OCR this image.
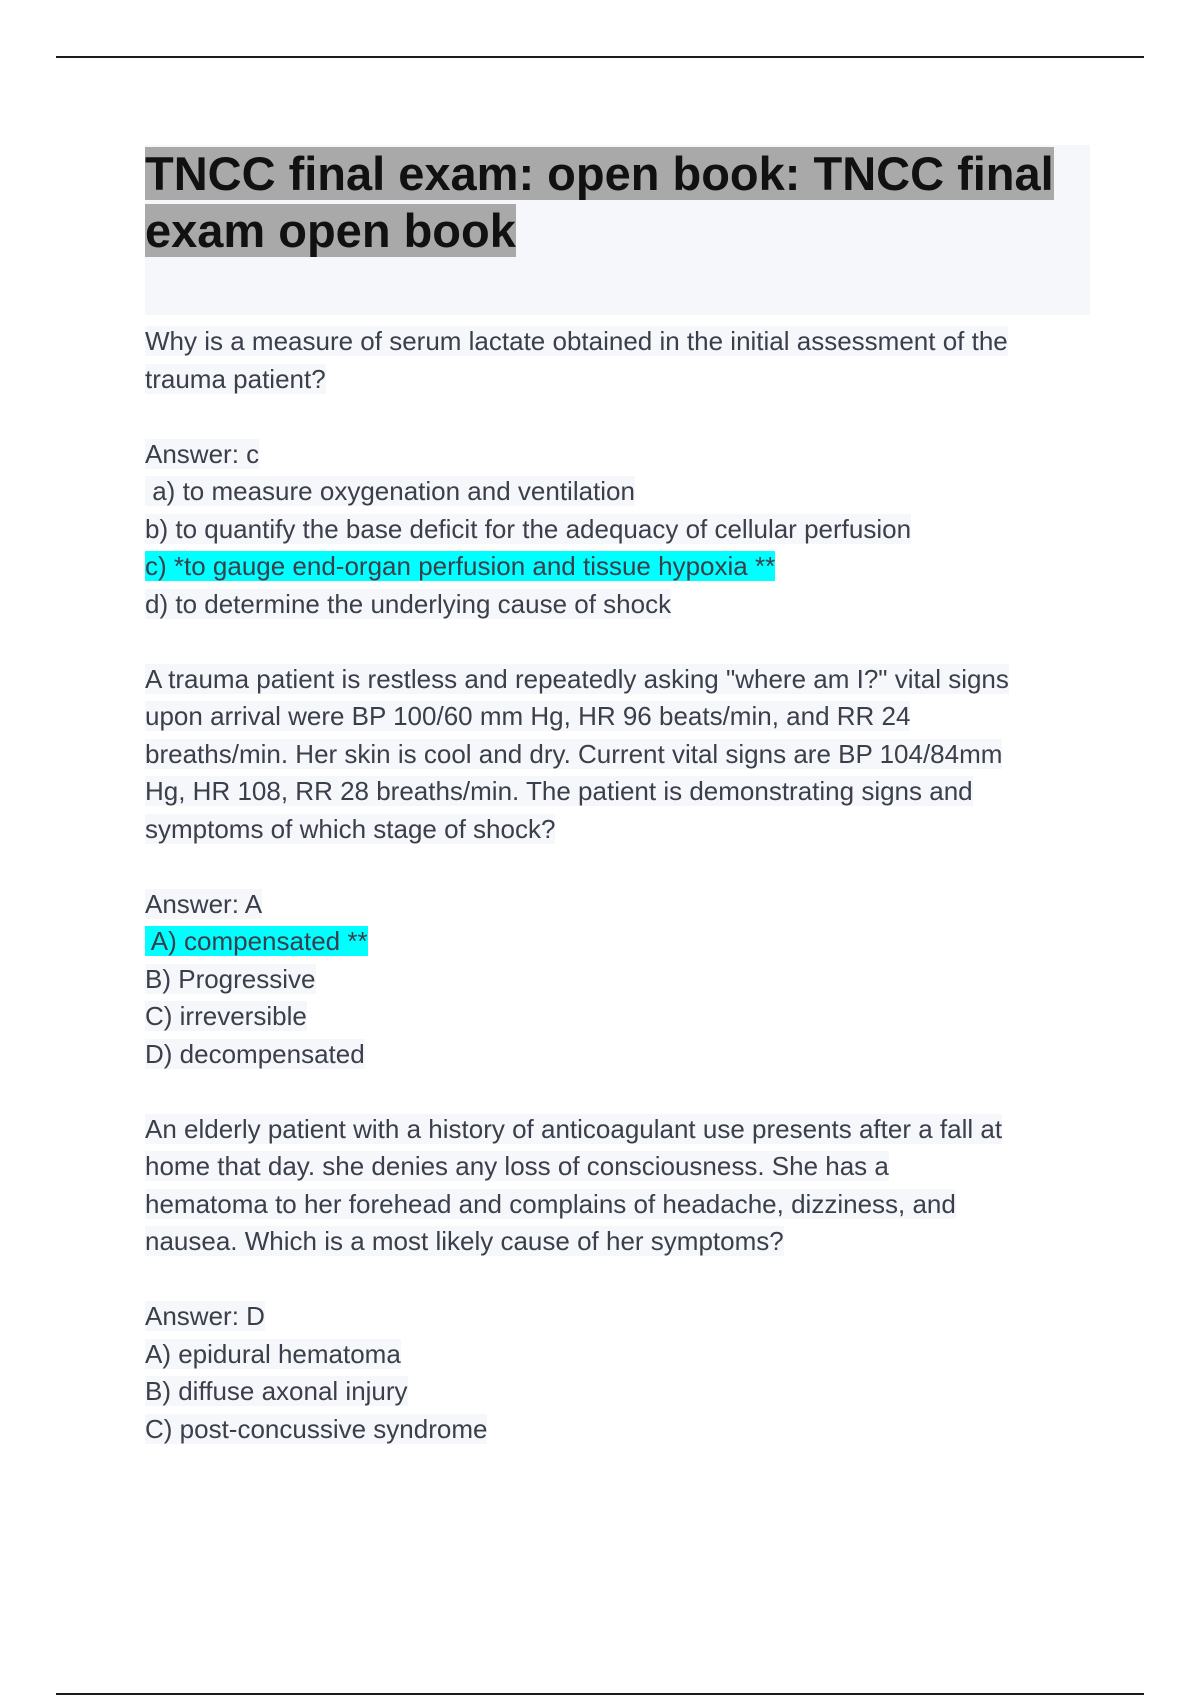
TNCC final exam: open book: TNCC final
exam open book
Why is a measure of serum lactate obtained in the initial assessment of the
trauma patient?
Answer: c
a) to measure oxygenation and ventilation
b) to quantify the base deficit for the adequacy of cellular perfusion
c) *to gauge end-organ perfusion and tissue hypoxia **
d) to determine the underlying cause of shock
A trauma patient is restless and repeatedly asking "where am I?" vital signs
upon arrival were BP 100/60 mm Hg, HR 96 beats/min, and RR 24
breaths/min. Her skin is cool and dry. Current vital signs are BP 104/84mm
Hg, HR 108, RR 28 breaths/min. The patient is demonstrating signs and
symptoms of which stage of shock?
Answer: A
A) compensated **
B) Progressive
C) irreversible
D) decompensated
An elderly patient with a history of anticoagulant use presents after a fall at
home that day. she denies any loss of consciousness. She has a
hematoma to her forehead and complains of headache, dizziness, and
nausea. Which is a most likely cause of her symptoms?
Answer: D
A) epidural hematoma
B) diffuse axonal injury
C) post-concussive syndrome
